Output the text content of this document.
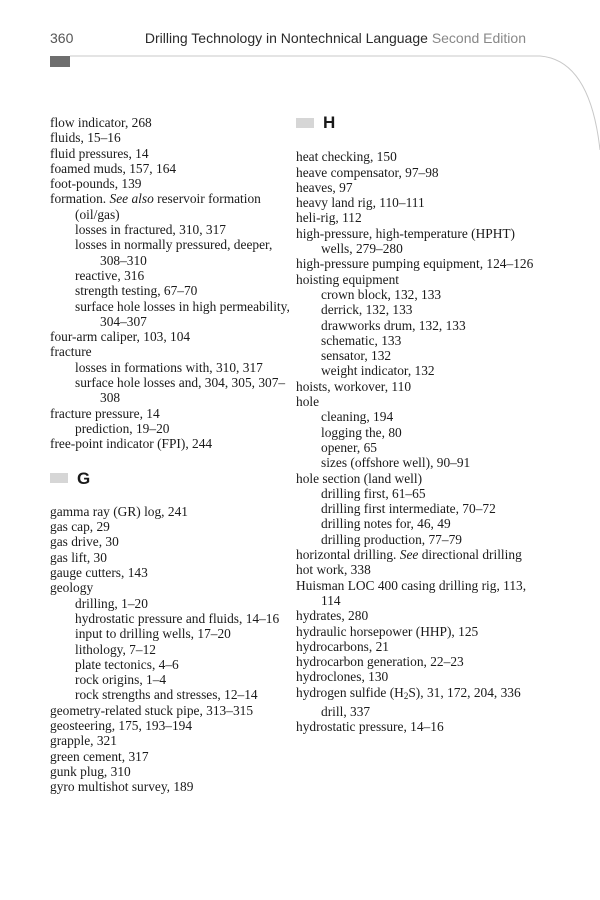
360	Drilling Technology in Nontechnical Language Second Edition
flow indicator, 268
fluids, 15–16
fluid pressures, 14
foamed muds, 157, 164
foot-pounds, 139
formation. See also reservoir formation (oil/gas)
losses in fractured, 310, 317
losses in normally pressured, deeper, 308–310
reactive, 316
strength testing, 67–70
surface hole losses in high permeability, 304–307
four-arm caliper, 103, 104
fracture
losses in formations with, 310, 317
surface hole losses and, 304, 305, 307–308
fracture pressure, 14
prediction, 19–20
free-point indicator (FPI), 244
G
gamma ray (GR) log, 241
gas cap, 29
gas drive, 30
gas lift, 30
gauge cutters, 143
geology
drilling, 1–20
hydrostatic pressure and fluids, 14–16
input to drilling wells, 17–20
lithology, 7–12
plate tectonics, 4–6
rock origins, 1–4
rock strengths and stresses, 12–14
geometry-related stuck pipe, 313–315
geosteering, 175, 193–194
grapple, 321
green cement, 317
gunk plug, 310
gyro multishot survey, 189
H
heat checking, 150
heave compensator, 97–98
heaves, 97
heavy land rig, 110–111
heli-rig, 112
high-pressure, high-temperature (HPHT) wells, 279–280
high-pressure pumping equipment, 124–126
hoisting equipment
crown block, 132, 133
derrick, 132, 133
drawworks drum, 132, 133
schematic, 133
sensator, 132
weight indicator, 132
hoists, workover, 110
hole
cleaning, 194
logging the, 80
opener, 65
sizes (offshore well), 90–91
hole section (land well)
drilling first, 61–65
drilling first intermediate, 70–72
drilling notes for, 46, 49
drilling production, 77–79
horizontal drilling. See directional drilling
hot work, 338
Huisman LOC 400 casing drilling rig, 113, 114
hydrates, 280
hydraulic horsepower (HHP), 125
hydrocarbons, 21
hydrocarbon generation, 22–23
hydroclones, 130
hydrogen sulfide (H2S), 31, 172, 204, 336
drill, 337
hydrostatic pressure, 14–16
